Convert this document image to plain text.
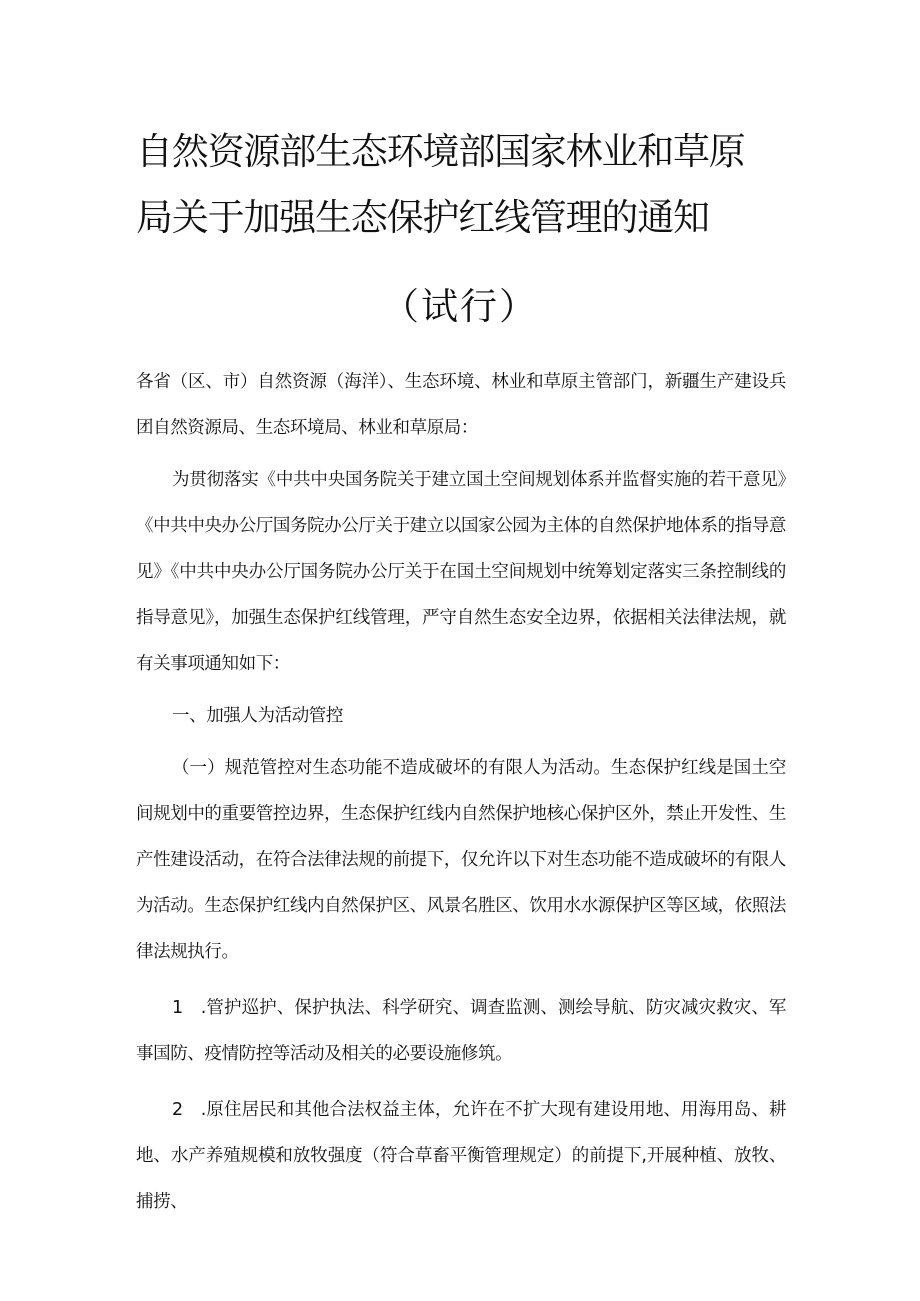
自然资源部生态环境部国家林业和草原
局关于加强生态保护红线管理的通知
（试行）

各省（区、市）自然资源（海洋）、生态环境、林业和草原主管部门，新疆生产建设兵团自然资源局、生态环境局、林业和草原局：

为贯彻落实《中共中央国务院关于建立国土空间规划体系并监督实施的若干意见》《中共中央办公厅国务院办公厅关于建立以国家公园为主体的自然保护地体系的指导意见》《中共中央办公厅国务院办公厅关于在国土空间规划中统筹划定落实三条控制线的指导意见》，加强生态保护红线管理，严守自然生态安全边界，依据相关法律法规，就有关事项通知如下：

一、加强人为活动管控

（一）规范管控对生态功能不造成破坏的有限人为活动。生态保护红线是国土空间规划中的重要管控边界，生态保护红线内自然保护地核心保护区外，禁止开发性、生产性建设活动，在符合法律法规的前提下，仅允许以下对生态功能不造成破坏的有限人为活动。生态保护红线内自然保护区、风景名胜区、饮用水水源保护区等区域，依照法律法规执行。

1　.管护巡护、保护执法、科学研究、调查监测、测绘导航、防灾减灾救灾、军事国防、疫情防控等活动及相关的必要设施修筑。

2　.原住居民和其他合法权益主体，允许在不扩大现有建设用地、用海用岛、耕地、水产养殖规模和放牧强度（符合草畜平衡管理规定）的前提下,开展种植、放牧、捕捞、
